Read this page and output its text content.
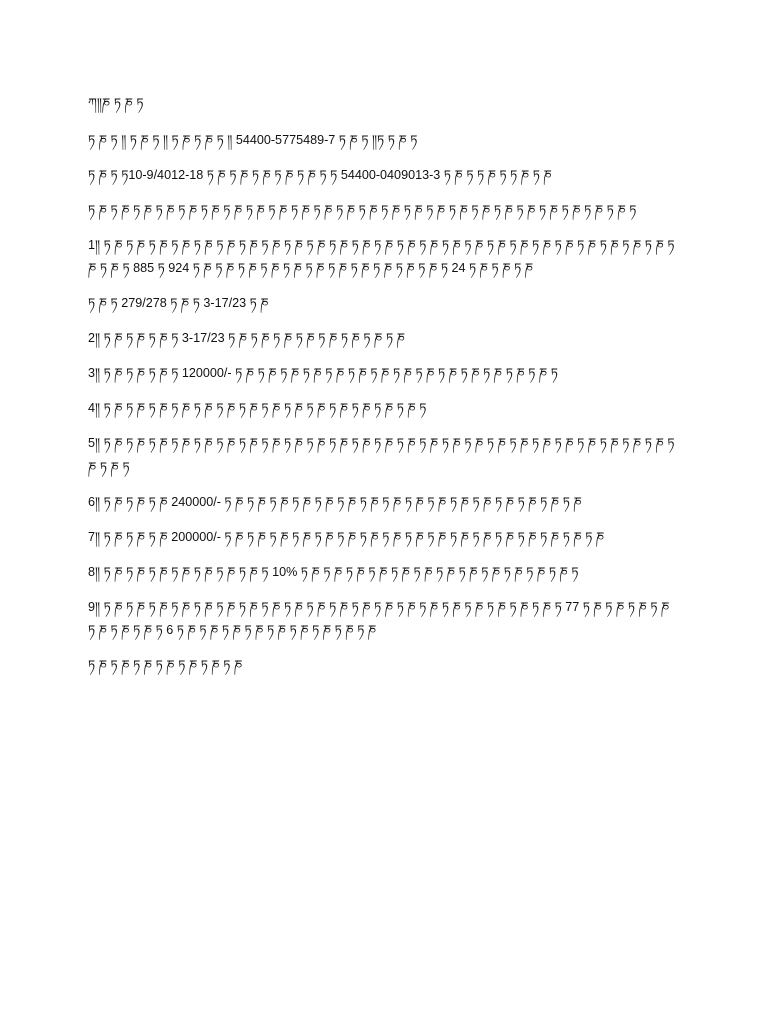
ཀ༎ཎ ཏ ཎ ཏ

ཏ ཎ ཏ ༎ ཏ ཎ ཏ ༎ ཏ ཎ ཏ ཎ ཏ ༎ 54400-5775489-7 ཏ ཎ ཏ ༎ཏ ཏ ཎ ཏ

ཏ ཎ ཏ ཏ10-9/4012-18 ཏ ཎ ཏ ཎ ཏ ཎ ཏ ཎ ཏ ཎ ཏ ཏ 54400-0409013-3 ཏ ཎ ཏ ཏ ཎ ཏ ཏ ཎ ཏ ཎ

ཏ ཎ ཏ ཎ ཏ ཎ ཏ ཎ ཏ ཎ ཏ ཎ ཏ ཎ ཏ ཎ ཏ ཎ ཏ ཎ ཏ ཎ ཏ ཎ ཏ ཎ ཏ ཎ ཏ ཎ ཏ ཎ ཏ ཎ ཏ ཎ ཏ ཎ ཏ ཎ ཏ ཎ ཏ ཎ ཏ ཎ ཏ ཎ ཏ

1༎ ཏ ཎ ཏ ཎ ཏ ཎ ཏ ཎ ཏ ཎ ཏ ཎ ཏ ཎ ཏ ཎ ཏ ཎ ཏ ཎ ཏ ཎ ཏ ཎ ཏ ཎ ཏ ཎ ཏ ཎ ཏ ཎ ཏ ཎ ཏ ཎ ཏ ཎ ཏ ཎ ཏ ཎ ཏ ཎ ཏ ཎ ཏ ཎ ཏ ཎ ཏ ཎ ཏ ཎ ཏ 885 ཏ 924 ཏ ཎ ཏ ཎ ཏ ཎ ཏ ཎ ཏ ཎ ཏ ཎ ཏ ཎ ཏ ཎ ཏ ཎ ཏ ཎ ཏ ཎ ཏ 24 ཏ ཎ ཏ ཎ ཏ ཎ

ཏ ཎ ཏ 279/278 ཏ ཎ ཏ 3-17/23 ཏ ཎ

2༎ ཏ ཎ ཏ ཎ ཏ ཎ ཏ 3-17/23 ཏ ཎ ཏ ཎ ཏ ཎ ཏ ཎ ཏ ཎ ཏ ཎ ཏ ཎ ཏ ཎ

3༎ ཏ ཎ ཏ ཎ ཏ ཎ ཏ 120000/- ཏ ཎ ཏ ཎ ཏ ཎ ཏ ཎ ཏ ཎ ཏ ཎ ཏ ཎ ཏ ཎ ཏ ཎ ཏ ཎ ཏ ཎ ཏ ཎ ཏ ཎ ཏ ཎ ཏ

4༎ ཏ ཎ ཏ ཎ ཏ ཎ ཏ ཎ ཏ ཎ ཏ ཎ ཏ ཎ ཏ ཎ ཏ ཎ ཏ ཎ ཏ ཎ ཏ ཎ ཏ ཎ ཏ ཎ ཏ

5༎ ཏ ཎ ཏ ཎ ཏ ཎ ཏ ཎ ཏ ཎ ཏ ཎ ཏ ཎ ཏ ཎ ཏ ཎ ཏ ཎ ཏ ཎ ཏ ཎ ཏ ཎ ཏ ཎ ཏ ཎ ཏ ཎ ཏ ཎ ཏ ཎ ཏ ཎ ཏ ཎ ཏ ཎ ཏ ཎ ཏ ཎ ཏ ཎ ཏ ཎ ཏ ཎ ཏ ཎ ཏ

6༎ ཏ ཎ ཏ ཎ ཏ ཎ 240000/- ཏ ཎ ཏ ཎ ཏ ཎ ཏ ཎ ཏ ཎ ཏ ཎ ཏ ཎ ཏ ཎ ཏ ཎ ཏ ཎ ཏ ཎ ཏ ཎ ཏ ཎ ཏ ཎ ཏ ཎ ཏ ཎ

7༎ ཏ ཎ ཏ ཎ ཏ ཎ 200000/- ཏ ཎ ཏ ཎ ཏ ཎ ཏ ཎ ཏ ཎ ཏ ཎ ཏ ཎ ཏ ཎ ཏ ཎ ཏ ཎ ཏ ཎ ཏ ཎ ཏ ཎ ཏ ཎ ཏ ཎ ཏ ཎ ཏ ཎ

8༎ ཏ ཎ ཏ ཎ ཏ ཎ ཏ ཎ ཏ ཎ ཏ ཎ ཏ ཎ ཏ 10% ཏ ཎ ཏ ཎ ཏ ཎ ཏ ཎ ཏ ཎ ཏ ཎ ཏ ཎ ཏ ཎ ཏ ཎ ཏ ཎ ཏ ཎ ཏ ཎ ཏ

9༎ ཏ ཎ ཏ ཎ ཏ ཎ ཏ ཎ ཏ ཎ ཏ ཎ ཏ ཎ ཏ ཎ ཏ ཎ ཏ ཎ ཏ ཎ ཏ ཎ ཏ ཎ ཏ ཎ ཏ ཎ ཏ ཎ ཏ ཎ ཏ ཎ ཏ ཎ ཏ ཎ ཏ 77 ཏ ཎ ཏ ཎ ཏ ཎ ཏ ཎ ཏ ཎ ཏ ཎ ཏ ཎ ཏ 6 ཏ ཎ ཏ ཎ ཏ ཎ ཏ ཎ ཏ ཎ ཏ ཎ ཏ ཎ ཏ ཎ ཏ ཎ

ཏ ཎ ཏ ཎ ཏ ཎ ཏ ཎ ཏ ཎ ཏ ཎ ཏ ཎ
